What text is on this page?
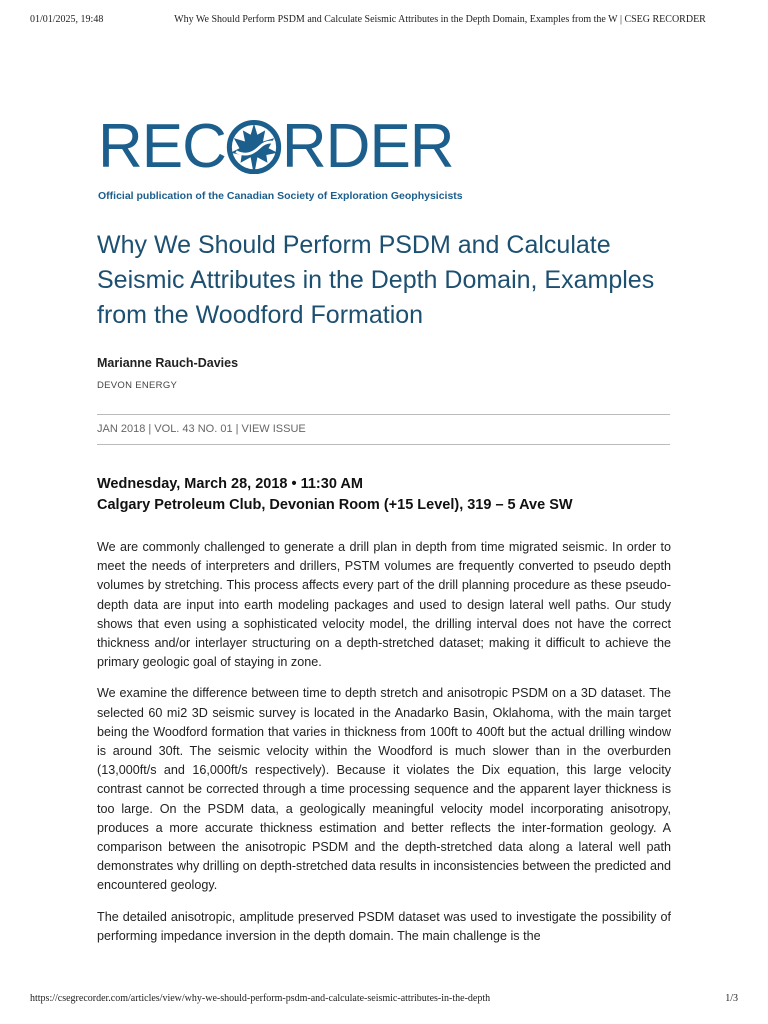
01/01/2025, 19:48	Why We Should Perform PSDM and Calculate Seismic Attributes in the Depth Domain, Examples from the W | CSEG RECORDER
REC RDER
Official publication of the Canadian Society of Exploration Geophysicists
Why We Should Perform PSDM and Calculate Seismic Attributes in the Depth Domain, Examples from the Woodford Formation
Marianne Rauch-Davies
DEVON ENERGY
JAN 2018 | VOL. 43 NO. 01 | VIEW ISSUE
Wednesday, March 28, 2018 • 11:30 AM
Calgary Petroleum Club, Devonian Room (+15 Level), 319 – 5 Ave SW

We are commonly challenged to generate a drill plan in depth from time migrated seismic. In order to meet the needs of interpreters and drillers, PSTM volumes are frequently converted to pseudo depth volumes by stretching. This process affects every part of the drill planning procedure as these pseudo-depth data are input into earth modeling packages and used to design lateral well paths. Our study shows that even using a sophisticated velocity model, the drilling interval does not have the correct thickness and/or interlayer structuring on a depth-stretched dataset; making it difficult to achieve the primary geologic goal of staying in zone.

We examine the difference between time to depth stretch and anisotropic PSDM on a 3D dataset. The selected 60 mi2 3D seismic survey is located in the Anadarko Basin, Oklahoma, with the main target being the Woodford formation that varies in thickness from 100ft to 400ft but the actual drilling window is around 30ft. The seismic velocity within the Woodford is much slower than in the overburden (13,000ft/s and 16,000ft/s respectively). Because it violates the Dix equation, this large velocity contrast cannot be corrected through a time processing sequence and the apparent layer thickness is too large. On the PSDM data, a geologically meaningful velocity model incorporating anisotropy, produces a more accurate thickness estimation and better reflects the inter-formation geology. A comparison between the anisotropic PSDM and the depth-stretched data along a lateral well path demonstrates why drilling on depth-stretched data results in inconsistencies between the predicted and encountered geology.

The detailed anisotropic, amplitude preserved PSDM dataset was used to investigate the possibility of performing impedance inversion in the depth domain. The main challenge is the

https://csegrecorder.com/articles/view/why-we-should-perform-psdm-and-calculate-seismic-attributes-in-the-depth	1/3
